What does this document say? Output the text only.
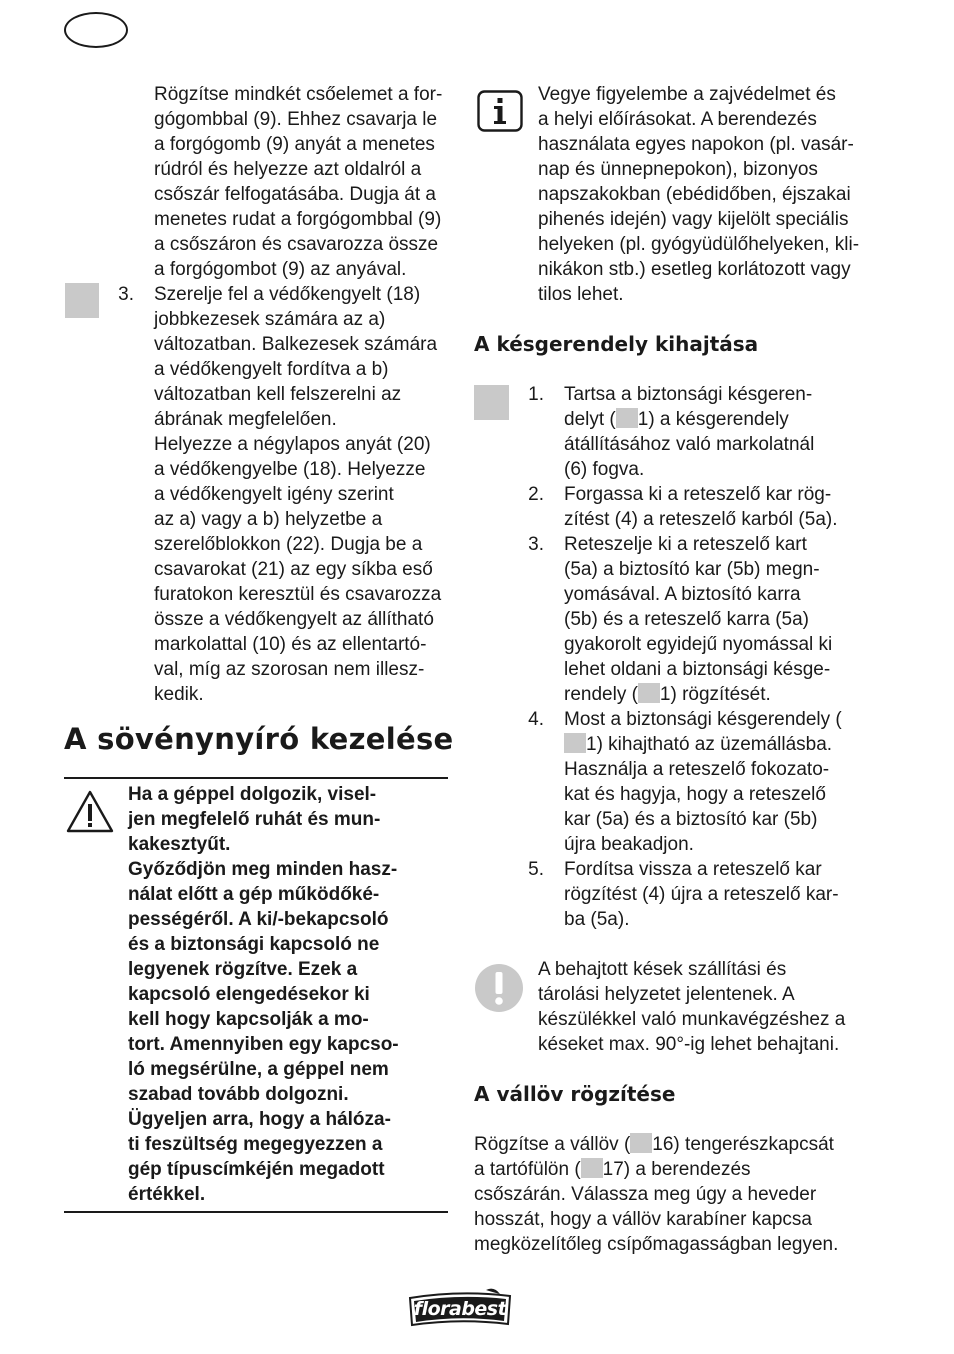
Rögzítse mindkét csőelemet a for-
gógombbal (9). Ehhez csavarja le
a forgógomb (9) anyát a menetes
rúdról és helyezze azt oldalról a
csőszár felfogatásába. Dugja át a
menetes rudat a forgógombbal (9)
a csőszáron és csavarozza össze
a forgógombot (9) az anyával.
3. Szerelje fel a védőkengyelt (18)
jobbkezesek számára az a)
változatban. Balkezesek számára
a védőkengyelt fordítva a b)
változatban kell felszerelni az
ábrának megfelelően.
Helyezze a négylapos anyát (20)
a védőkengyelbe (18). Helyezze
a védőkengyelt igény szerint
az a) vagy a b) helyzetbe a
szerelőblokkon (22). Dugja be a
csavarokat (21) az egy síkba eső
furatokon keresztül és csavarozza
össze a védőkengyelt az állítható
markolattal (10) és az ellentartó-
val, míg az szorosan nem illesz-
kedik.
A sövénynyíró kezelése
Ha a géppel dolgozik, visel-
jen megfelelő ruhát és mun-
kakesztyűt.
Győződjön meg minden hasz-
nálat előtt a gép működőké-
pességéről. A ki/-bekapcsoló
és a biztonsági kapcsoló ne
legyenek rögzítve. Ezek a
kapcsoló elengedésekor ki
kell hogy kapcsolják a mo-
tort. Amennyiben egy kapcso-
ló megsérülne, a géppel nem
szabad tovább dolgozni.
Ügyeljen arra, hogy a hálóza-
ti feszültség megegyezzen a
gép típuscímkéjén megadott
értékkel.
Vegye figyelembe a zajvédelmet és
a helyi előírásokat. A berendezés
használata egyes napokon (pl. vasár-
nap és ünnepnepokon), bizonyos
napszakokban (ebédidőben, éjszakai
pihenés idején) vagy kijelölt speciális
helyeken (pl. gyógyüdülőhelyeken, kli-
nikákon stb.) esetleg korlátozott vagy
tilos lehet.
A késgerendely kihajtása
1. Tartsa a biztonsági késgeren-
delyt ( 1) a késgerendely
átállításához való markolatnál
(6) fogva.
2. Forgassa ki a reteszelő kar rög-
zítést (4) a reteszelő karból (5a).
3. Reteszelje ki a reteszelő kart
(5a) a biztosító kar (5b) megn-
yomásával. A biztosító karra
(5b) és a reteszelő karra (5a)
gyakorolt egyidejű nyomással ki
lehet oldani a biztonsági késge-
rendely ( 1) rögzítését.
4. Most a biztonsági késgerendely (
1) kihajtható az üzemállásba.
Használja a reteszelő fokozato-
kat és hagyja, hogy a reteszelő
kar (5a) és a biztosító kar (5b)
újra beakadjon.
5. Fordítsa vissza a reteszelő kar
rögzítést (4) újra a reteszelő kar-
ba (5a).
A behajtott kések szállítási és
tárolási helyzetet jelentenek. A
készülékkel való munkavégzéshez a
késeket max. 90°-ig lehet behajtani.
A vállöv rögzítése
Rögzítse a vállöv ( 16) tengerészkapcsát
a tartófülön ( 17) a berendezés
csőszárán. Válassza meg úgy a heveder
hosszát, hogy a vállöv karabíner kapcsa
megközelítőleg csípőmagasságban legyen.
florabest
